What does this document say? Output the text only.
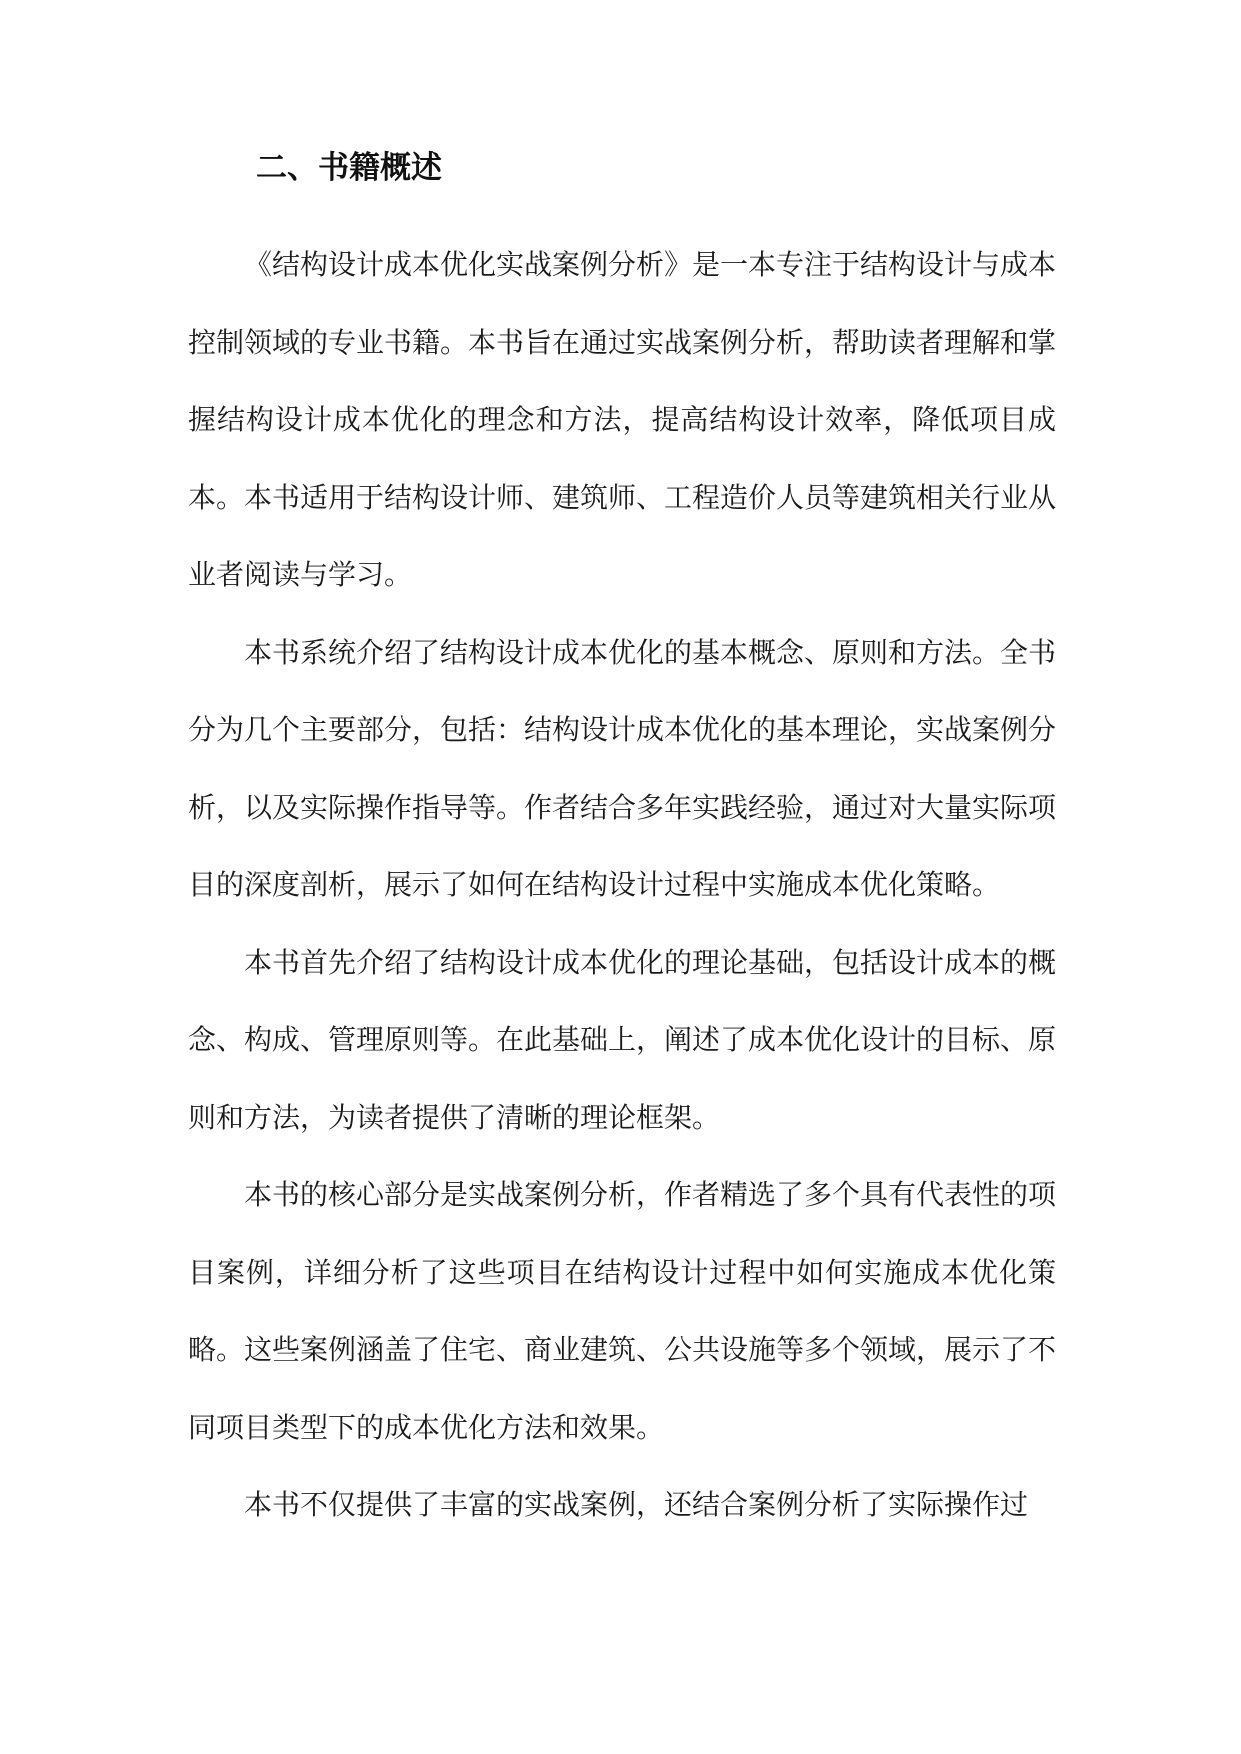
二、书籍概述

《结构设计成本优化实战案例分析》是一本专注于结构设计与成本控制领域的专业书籍。本书旨在通过实战案例分析，帮助读者理解和掌握结构设计成本优化的理念和方法，提高结构设计效率，降低项目成本。本书适用于结构设计师、建筑师、工程造价人员等建筑相关行业从业者阅读与学习。

本书系统介绍了结构设计成本优化的基本概念、原则和方法。全书分为几个主要部分，包括：结构设计成本优化的基本理论，实战案例分析，以及实际操作指导等。作者结合多年实践经验，通过对大量实际项目的深度剖析，展示了如何在结构设计过程中实施成本优化策略。

本书首先介绍了结构设计成本优化的理论基础，包括设计成本的概念、构成、管理原则等。在此基础上，阐述了成本优化设计的目标、原则和方法，为读者提供了清晰的理论框架。

本书的核心部分是实战案例分析，作者精选了多个具有代表性的项目案例，详细分析了这些项目在结构设计过程中如何实施成本优化策略。这些案例涵盖了住宅、商业建筑、公共设施等多个领域，展示了不同项目类型下的成本优化方法和效果。

本书不仅提供了丰富的实战案例，还结合案例分析了实际操作过
